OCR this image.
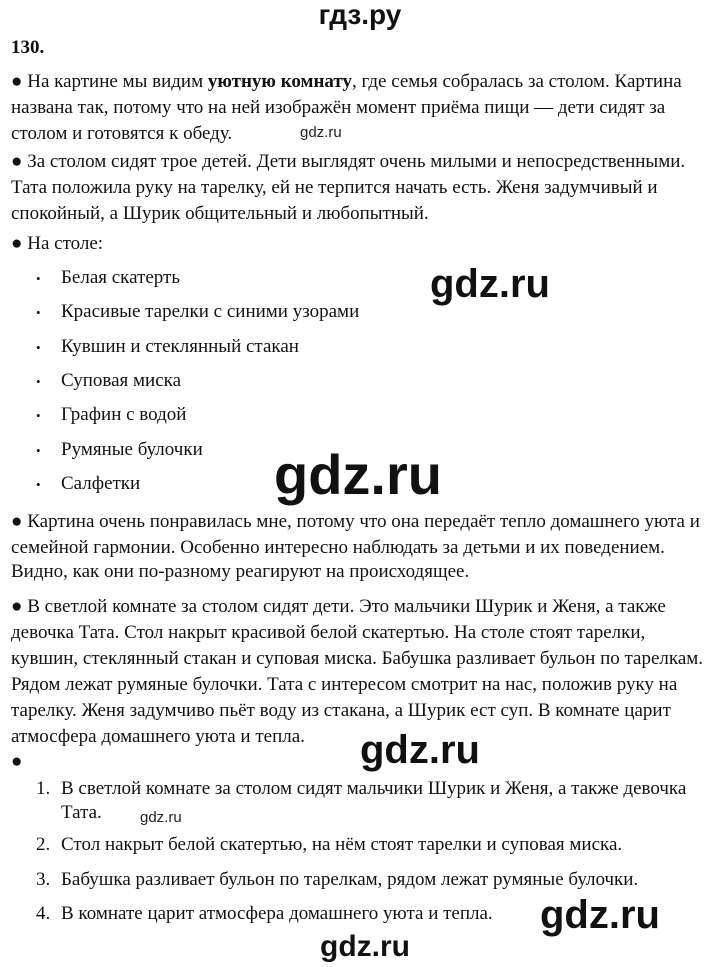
гдз.ру
130.
● На картине мы видим уютную комнату, где семья собралась за столом. Картина
названа так, потому что на ней изображён момент приёма пищи — дети сидят за
столом и готовятся к обеду.
● За столом сидят трое детей. Дети выглядят очень милыми и непосредственными.
Тата положила руку на тарелку, ей не терпится начать есть. Женя задумчивый и
спокойный, а Шурик общительный и любопытный.
● На столе:
• Белая скатерть
• Красивые тарелки с синими узорами
• Кувшин и стеклянный стакан
• Суповая миска
• Графин с водой
• Румяные булочки
• Салфетки
● Картина очень понравилась мне, потому что она передаёт тепло домашнего уюта и
семейной гармонии. Особенно интересно наблюдать за детьми и их поведением.
Видно, как они по-разному реагируют на происходящее.
● В светлой комнате за столом сидят дети. Это мальчики Шурик и Женя, а также
девочка Тата. Стол накрыт красивой белой скатертью. На столе стоят тарелки,
кувшин, стеклянный стакан и суповая миска. Бабушка разливает бульон по тарелкам.
Рядом лежат румяные булочки. Тата с интересом смотрит на нас, положив руку на
тарелку. Женя задумчиво пьёт воду из стакана, а Шурик ест суп. В комнате царит
атмосфера домашнего уюта и тепла.
●
1. В светлой комнате за столом сидят мальчики Шурик и Женя, а также девочка
Тата.
2. Стол накрыт белой скатертью, на нём стоят тарелки и суповая миска.
3. Бабушка разливает бульон по тарелкам, рядом лежат румяные булочки.
4. В комнате царит атмосфера домашнего уюта и тепла.
gdz.ru
gdz.ru
gdz.ru
gdz.ru
gdz.ru
gdz.ru
gdz.ru
